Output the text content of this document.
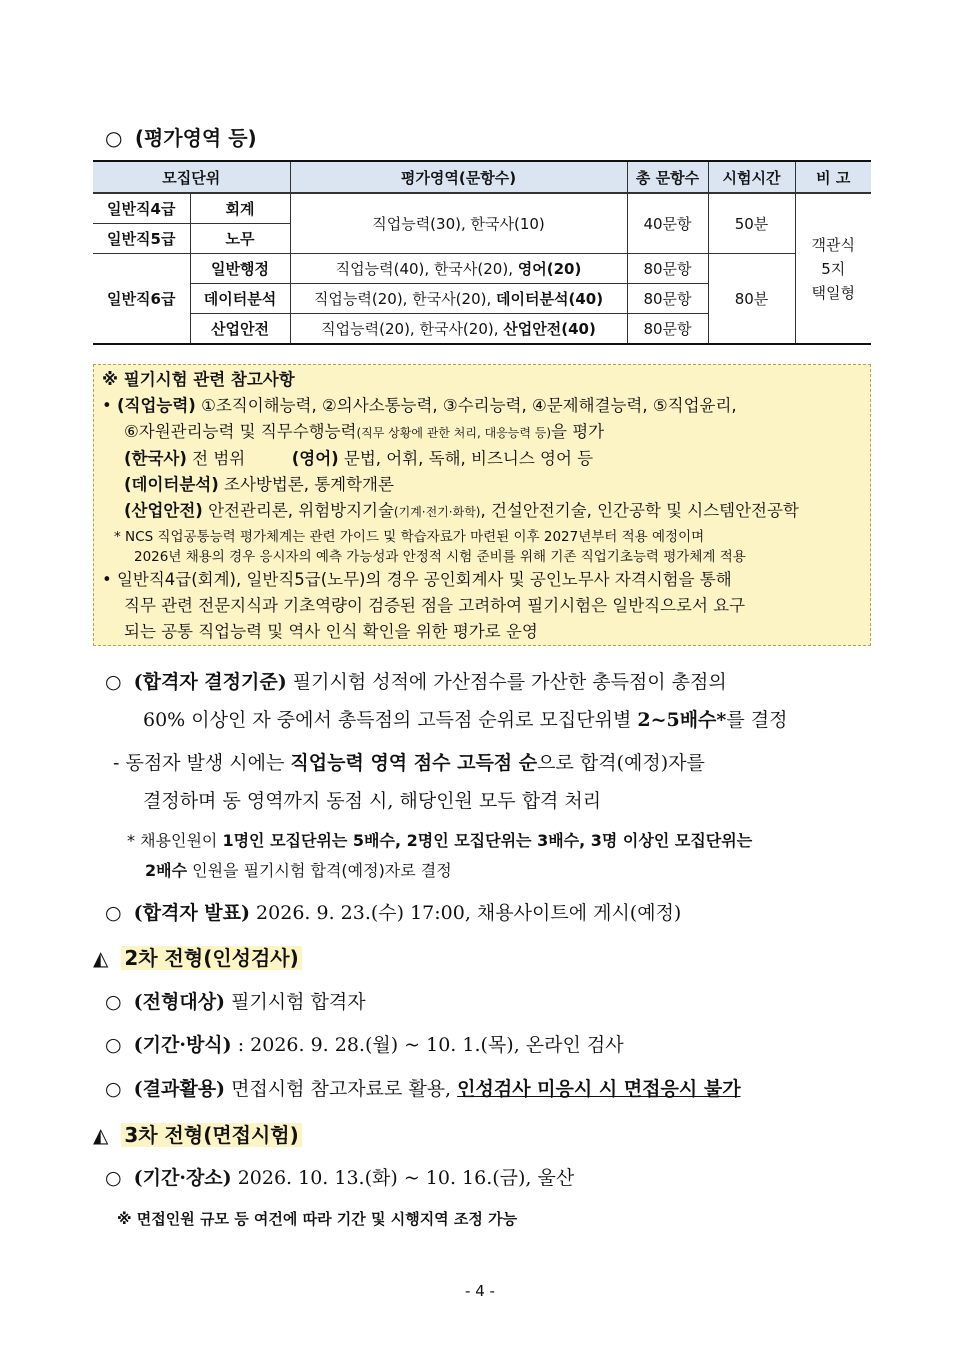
○ (평가영역 등)
모집단위		평가영역(문항수)	총 문항수	시험시간	비 고
일반직4급	회계	직업능력(30), 한국사(10)	40문항	50분	객관식
5지
택일형

일반직5급	노무				
일반직6급	일반행정	직업능력(40), 한국사(20), 영어(20)	80문항	80분	
	데이터분석	직업능력(20), 한국사(20), 데이터분석(40)	80문항		
	산업안전	직업능력(20), 한국사(20), 산업안전(40)	80문항		
※ 필기시험 관련 참고사항
• (직업능력) ①조직이해능력, ②의사소통능력, ③수리능력, ④문제해결능력, ⑤직업윤리,
⑥자원관리능력 및 직무수행능력(직무 상황에 관한 처리, 대응능력 등)을 평가
(한국사) 전 범위	(영어) 문법, 어휘, 독해, 비즈니스 영어 등
(데이터분석) 조사방법론, 통계학개론
(산업안전) 안전관리론, 위험방지기술(기계·전기·화학), 건설안전기술, 인간공학 및 시스템안전공학
* NCS 직업공통능력 평가체계는 관련 가이드 및 학습자료가 마련된 이후 2027년부터 적용 예정이며
2026년 채용의 경우 응시자의 예측 가능성과 안정적 시험 준비를 위해 기존 직업기초능력 평가체계 적용
• 일반직4급(회계), 일반직5급(노무)의 경우 공인회계사 및 공인노무사 자격시험을 통해
직무 관련 전문지식과 기초역량이 검증된 점을 고려하여 필기시험은 일반직으로서 요구
되는 공통 직업능력 및 역사 인식 확인을 위한 평가로 운영
○ (합격자 결정기준) 필기시험 성적에 가산점수를 가산한 총득점이 총점의
60% 이상인 자 중에서 총득점의 고득점 순위로 모집단위별 2~5배수*를 결정
- 동점자 발생 시에는 직업능력 영역 점수 고득점 순으로 합격(예정)자를
결정하며 동 영역까지 동점 시, 해당인원 모두 합격 처리
* 채용인원이 1명인 모집단위는 5배수, 2명인 모집단위는 3배수, 3명 이상인 모집단위는
2배수 인원을 필기시험 합격(예정)자로 결정
○ (합격자 발표) 2026. 9. 23.(수) 17:00, 채용사이트에 게시(예정)
◭ 2차 전형(인성검사)
○ (전형대상) 필기시험 합격자
○ (기간·방식) : 2026. 9. 28.(월) ~ 10. 1.(목), 온라인 검사
○ (결과활용) 면접시험 참고자료로 활용, 인성검사 미응시 시 면접응시 불가
◭ 3차 전형(면접시험)
○ (기간·장소) 2026. 10. 13.(화) ~ 10. 16.(금), 울산
※ 면접인원 규모 등 여건에 따라 기간 및 시행지역 조정 가능
- 4 -
